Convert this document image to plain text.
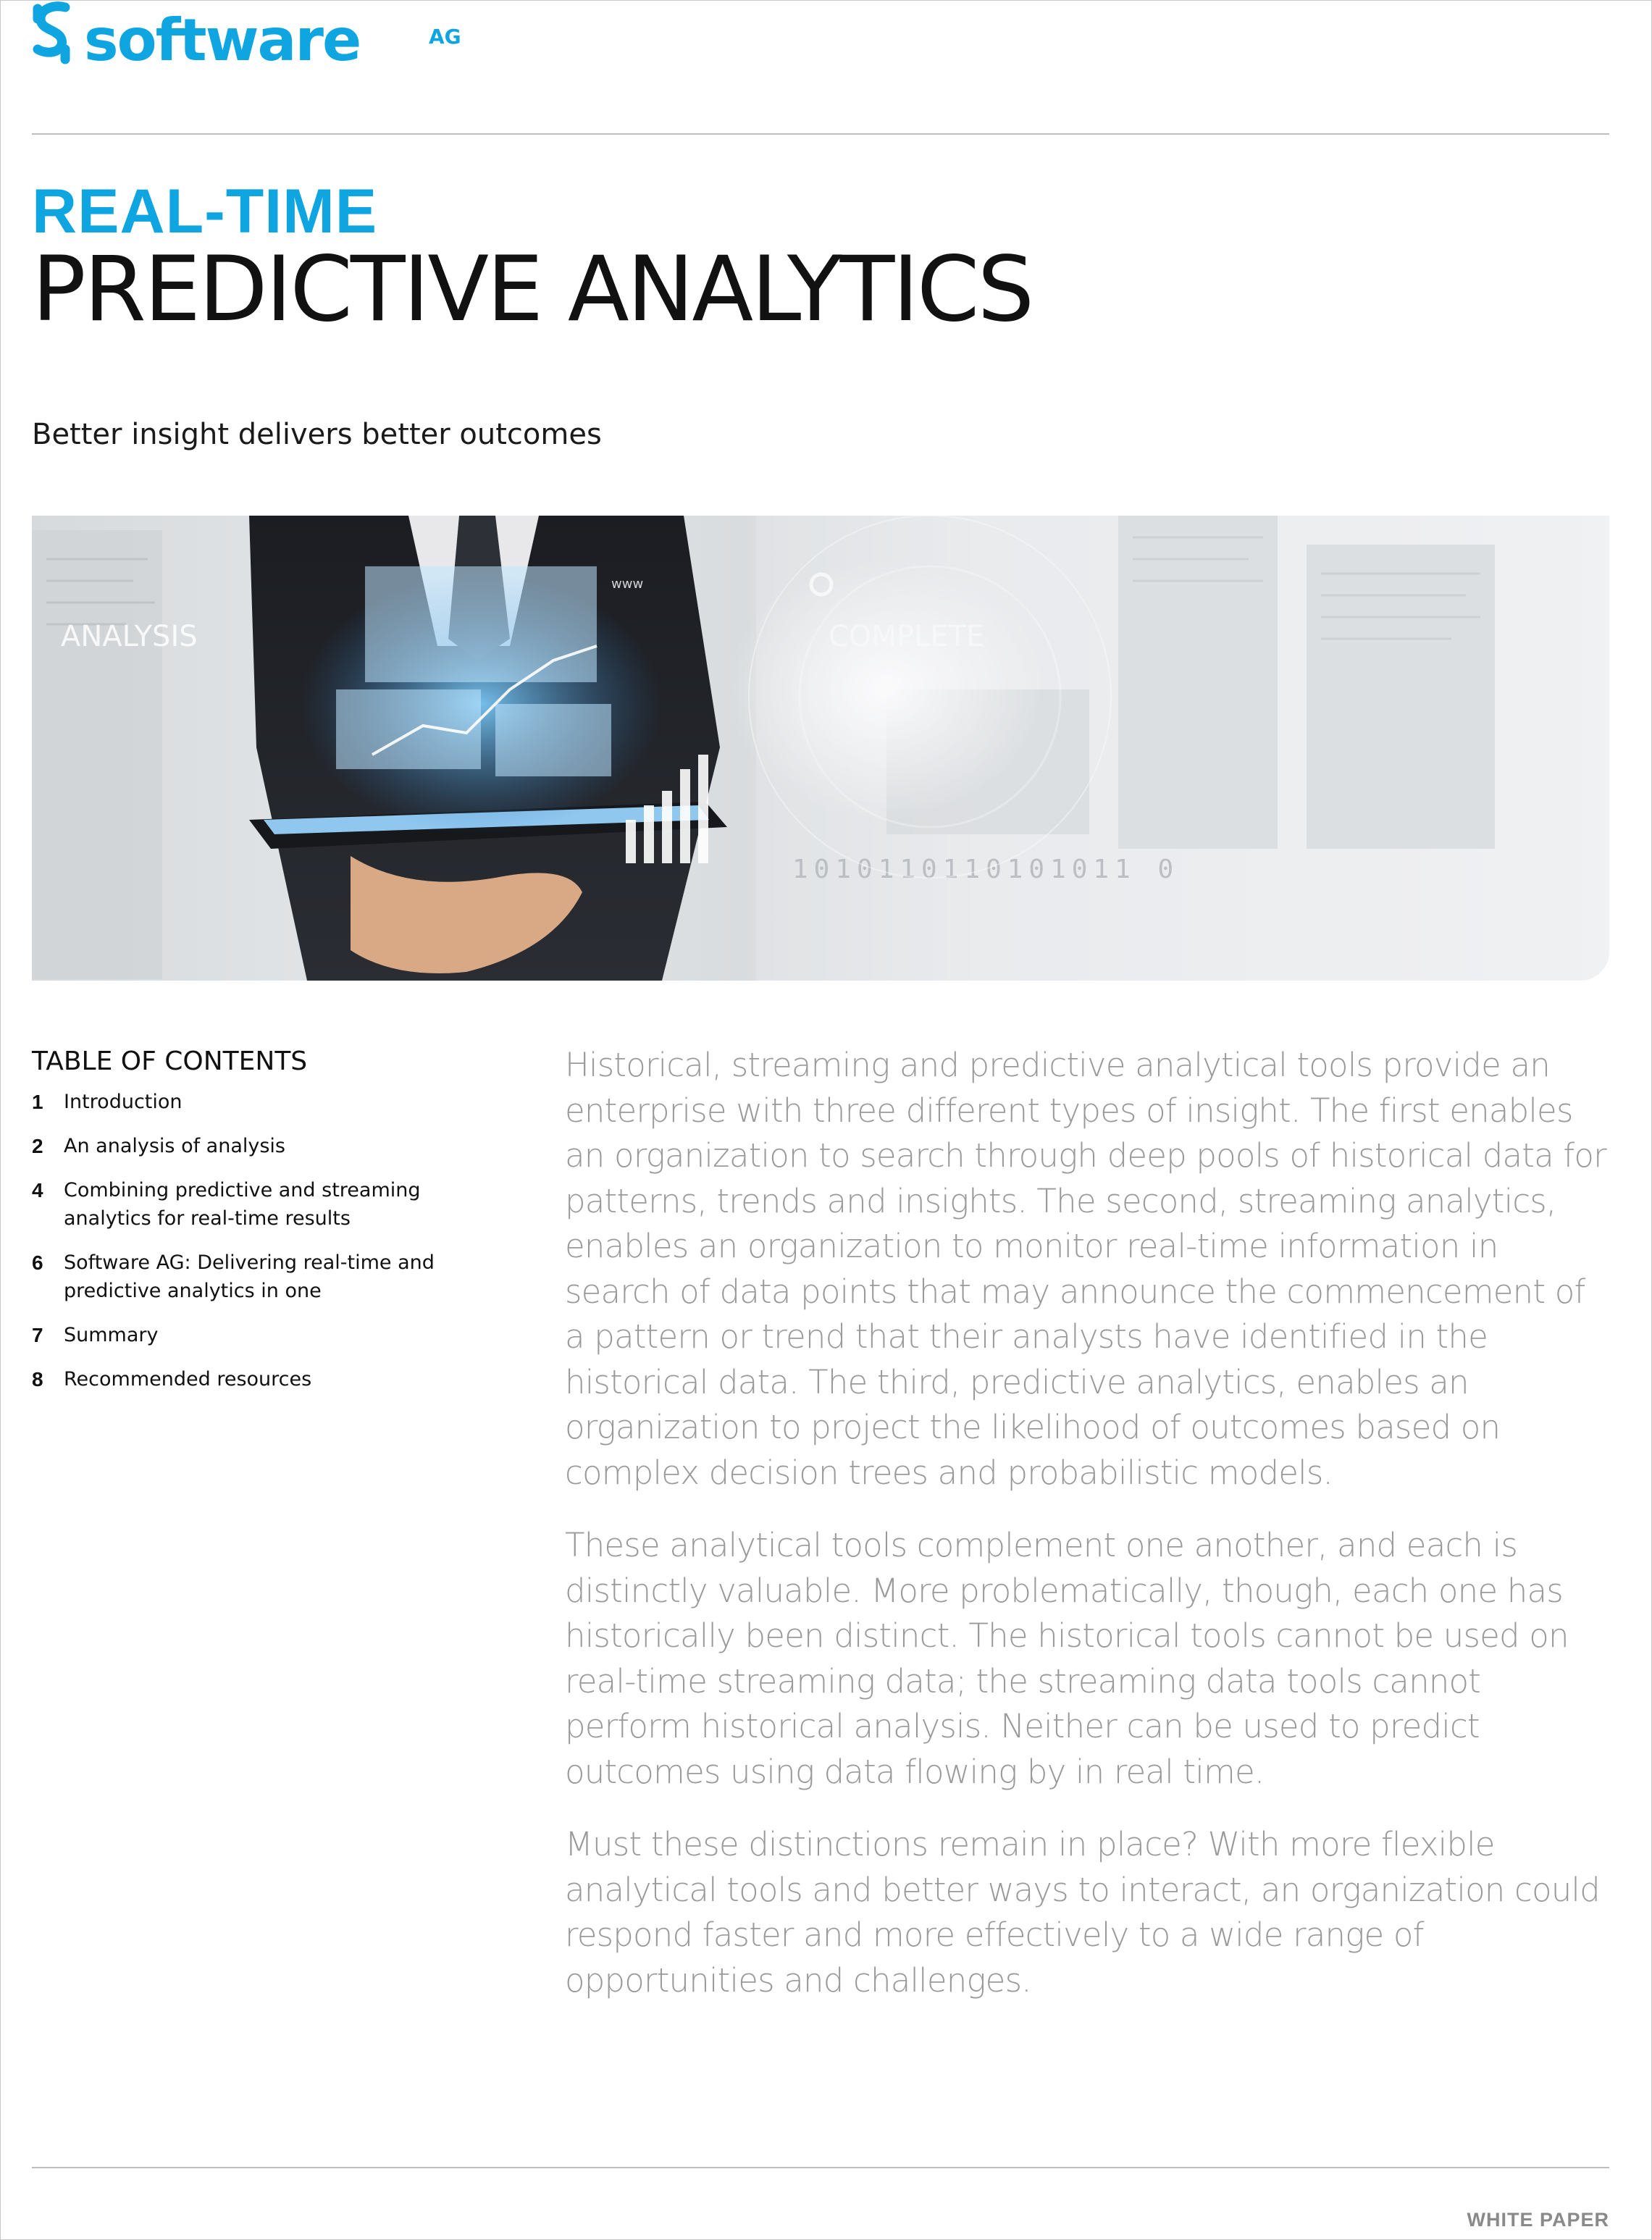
software	AG
REAL-TIME
PREDICTIVE ANALYTICS
Better insight delivers better outcomes
ANALYSIS
1010110110101011 0
www
TABLE OF CONTENTS
1 Introduction
2 An analysis of analysis
4 Combining predictive and streaming analytics for real-time results
6 Software AG: Delivering real-time and predictive analytics in one
7 Summary
8 Recommended resources

Historical, streaming and predictive analytical tools provide an enterprise with three different types of insight. The first enables an organization to search through deep pools of historical data for patterns, trends and insights. The second, streaming analytics, enables an organization to monitor real-time information in search of data points that may announce the commencement of a pattern or trend that their analysts have identified in the historical data. The third, predictive analytics, enables an organization to project the likelihood of outcomes based on complex decision trees and probabilistic models.

These analytical tools complement one another, and each is distinctly valuable. More problematically, though, each one has historically been distinct. The historical tools cannot be used on real-time streaming data; the streaming data tools cannot perform historical analysis. Neither can be used to predict outcomes using data flowing by in real time.

Must these distinctions remain in place? With more flexible analytical tools and better ways to interact, an organization could respond faster and more effectively to a wide range of opportunities and challenges.

WHITE PAPER
